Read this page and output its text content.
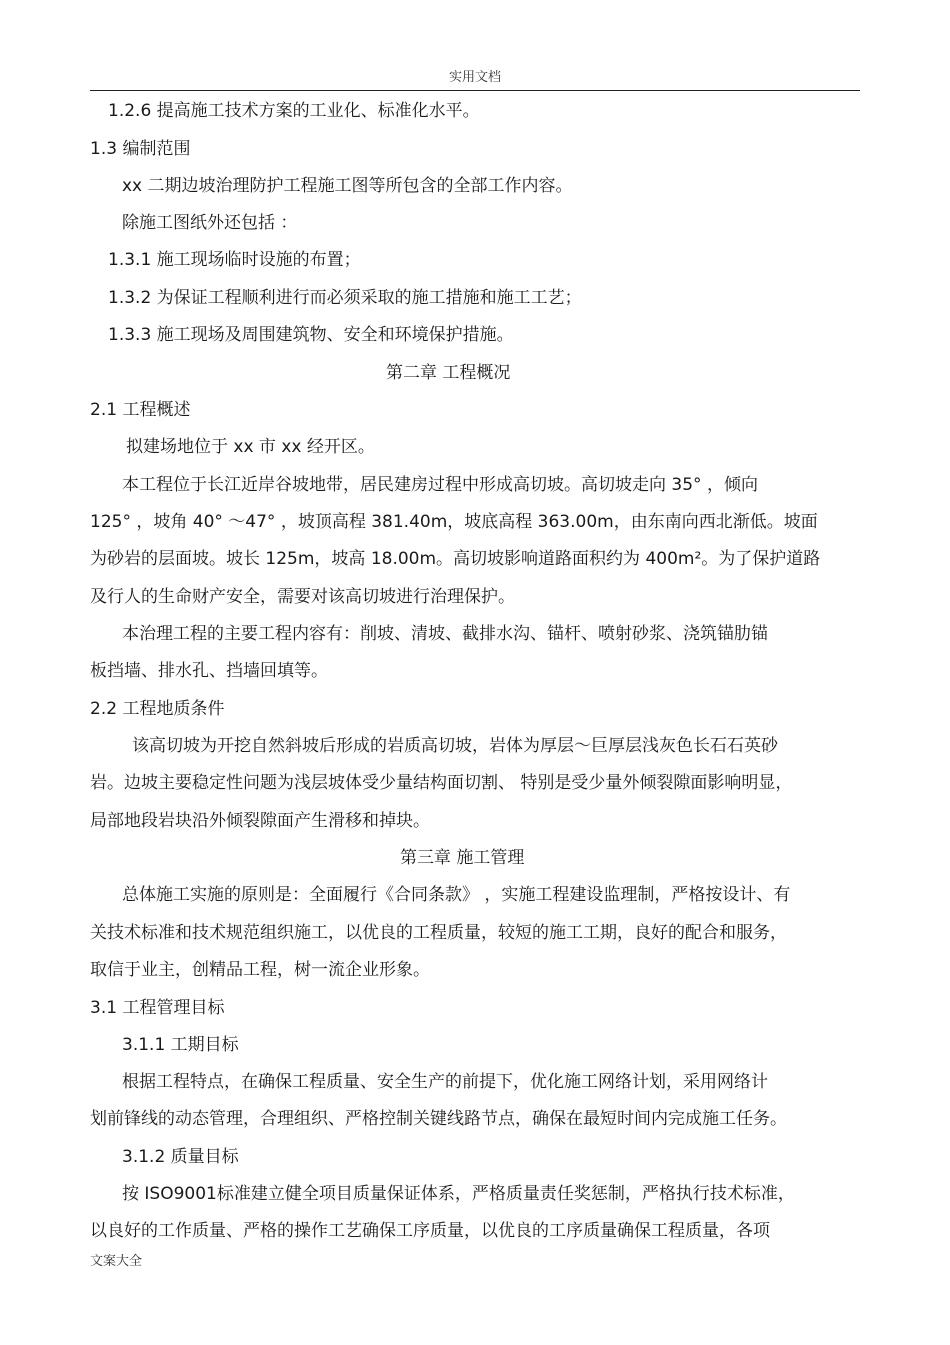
实用文档
1.2.6 提高施工技术方案的工业化、标准化水平。
1.3 编制范围
xx 二期边坡治理防护工程施工图等所包含的全部工作内容。
除施工图纸外还包括 ：
1.3.1 施工现场临时设施的布置；
1.3.2 为保证工程顺利进行而必须采取的施工措施和施工工艺；
1.3.3 施工现场及周围建筑物、安全和环境保护措施。
第二章 工程概况
2.1 工程概述
拟建场地位于 xx 市 xx 经开区。
本工程位于长江近岸谷坡地带，居民建房过程中形成高切坡。高切坡走向 35° ，倾向
125° ，坡角 40° ～47° ，坡顶高程 381.40m，坡底高程 363.00m，由东南向西北渐低。坡面
为砂岩的层面坡。坡长 125m，坡高 18.00m。高切坡影响道路面积约为 400m²。为了保护道路
及行人的生命财产安全，需要对该高切坡进行治理保护。
本治理工程的主要工程内容有：削坡、清坡、截排水沟、锚杆、喷射砂浆、浇筑锚肋锚
板挡墙、排水孔、挡墙回填等。
2.2 工程地质条件
该高切坡为开挖自然斜坡后形成的岩质高切坡，岩体为厚层～巨厚层浅灰色长石石英砂
岩。边坡主要稳定性问题为浅层坡体受少量结构面切割、 特别是受少量外倾裂隙面影响明显，
局部地段岩块沿外倾裂隙面产生滑移和掉块。
第三章 施工管理
总体施工实施的原则是：全面履行《合同条款》 ，实施工程建设监理制，严格按设计、有
关技术标准和技术规范组织施工，以优良的工程质量，较短的施工工期，良好的配合和服务，
取信于业主，创精品工程，树一流企业形象。
3.1 工程管理目标
3.1.1 工期目标
根据工程特点，在确保工程质量、安全生产的前提下，优化施工网络计划，采用网络计
划前锋线的动态管理，合理组织、严格控制关键线路节点，确保在最短时间内完成施工任务。
3.1.2 质量目标
按 ISO9001标准建立健全项目质量保证体系，严格质量责任奖惩制，严格执行技术标准，
以良好的工作质量、严格的操作工艺确保工序质量，以优良的工序质量确保工程质量，各项
文案大全
